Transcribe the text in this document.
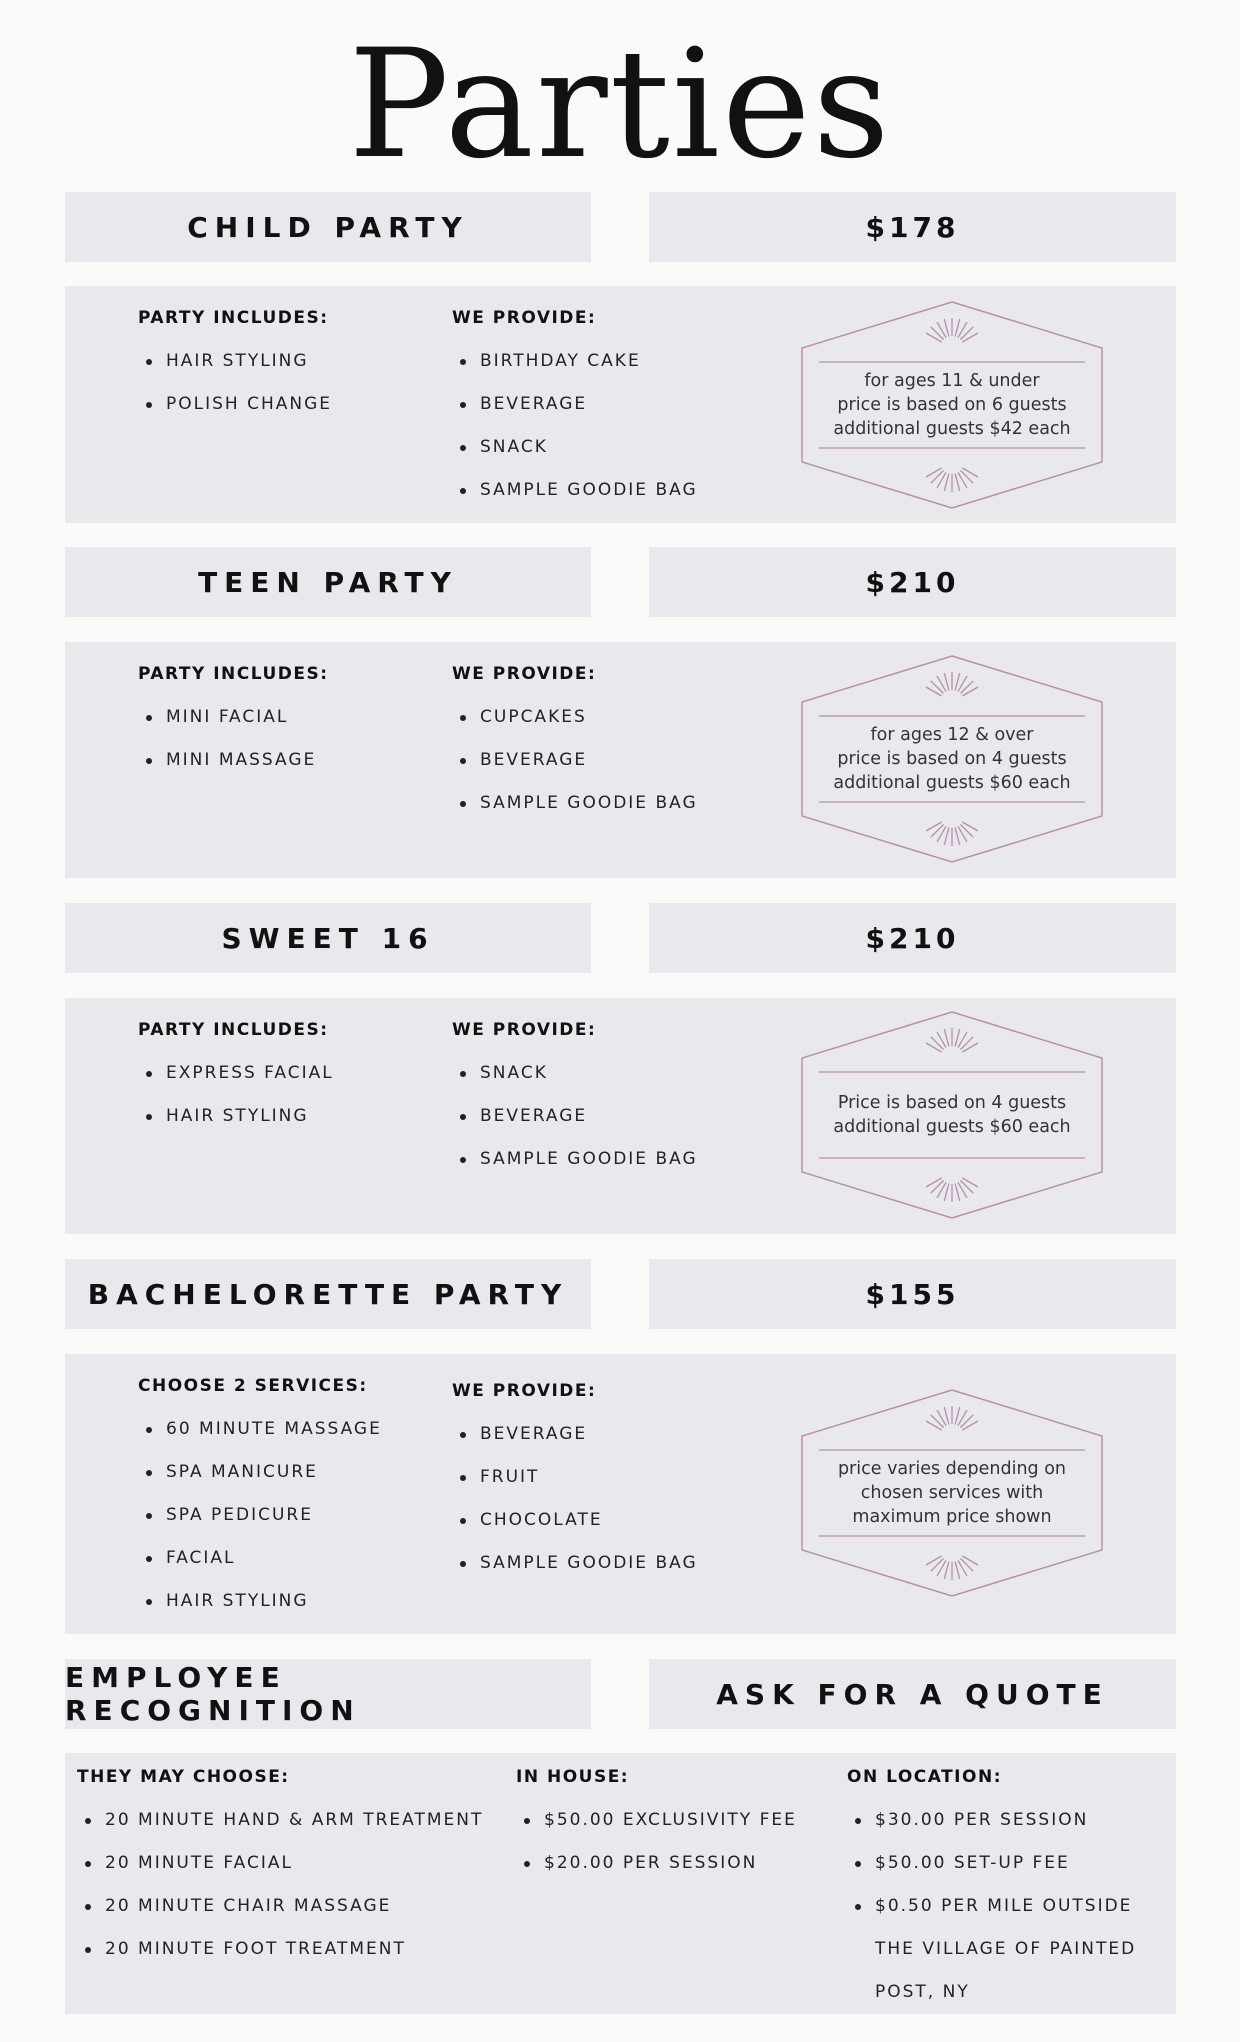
Parties
CHILD PARTY	$178
PARTY INCLUDES:
HAIR STYLING
POLISH CHANGE
WE PROVIDE:
BIRTHDAY CAKE
BEVERAGE
SNACK
SAMPLE GOODIE BAG
for ages 11 & under
price is based on 6 guests
additional guests $42 each
TEEN PARTY	$210
PARTY INCLUDES:
MINI FACIAL
MINI MASSAGE
WE PROVIDE:
CUPCAKES
BEVERAGE
SAMPLE GOODIE BAG
for ages 12 & over
price is based on 4 guests
additional guests $60 each
SWEET 16	$210
PARTY INCLUDES:
EXPRESS FACIAL
HAIR STYLING
WE PROVIDE:
SNACK
BEVERAGE
SAMPLE GOODIE BAG
Price is based on 4 guests
additional guests $60 each
BACHELORETTE PARTY	$155
CHOOSE 2 SERVICES:
60 MINUTE MASSAGE
SPA MANICURE
SPA PEDICURE
FACIAL
HAIR STYLING
WE PROVIDE:
BEVERAGE
FRUIT
CHOCOLATE
SAMPLE GOODIE BAG
price varies depending on
chosen services with
maximum price shown
EMPLOYEE RECOGNITION	ASK FOR A QUOTE
THEY MAY CHOOSE:
20 MINUTE HAND & ARM TREATMENT
20 MINUTE FACIAL
20 MINUTE CHAIR MASSAGE
20 MINUTE FOOT TREATMENT
IN HOUSE:
$50.00 EXCLUSIVITY FEE
$20.00 PER SESSION
ON LOCATION:
$30.00 PER SESSION
$50.00 SET-UP FEE
$0.50 PER MILE OUTSIDE THE VILLAGE OF PAINTED POST, NY
